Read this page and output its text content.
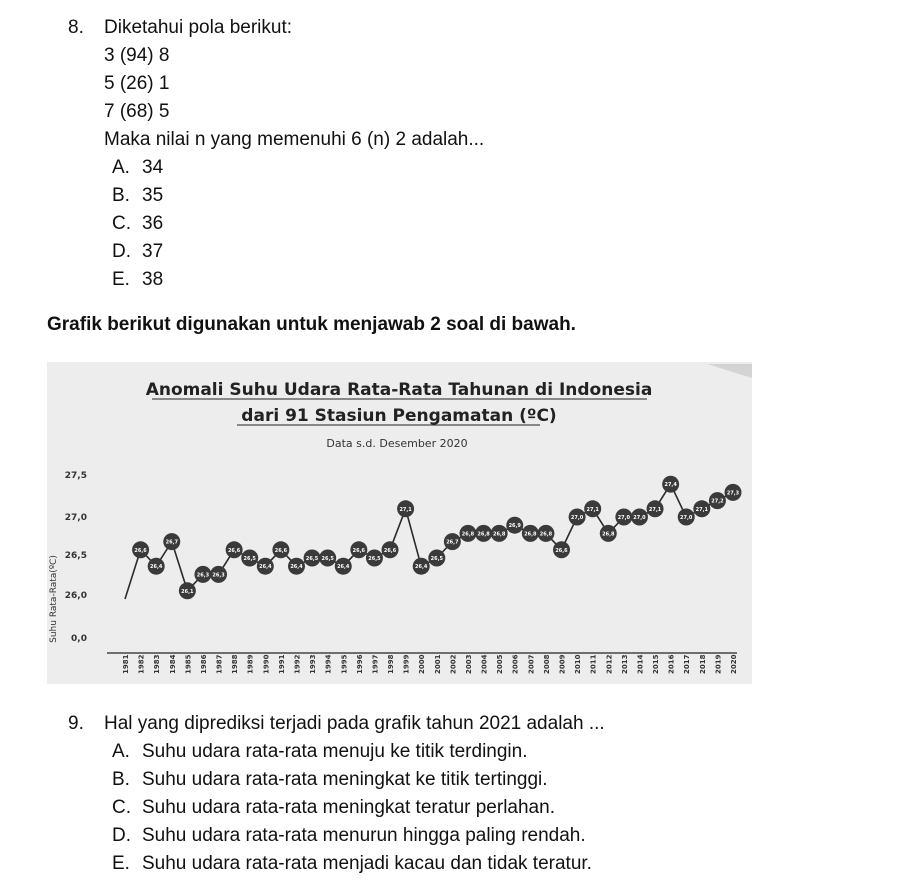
8. Diketahui pola berikut:
3 (94) 8
5 (26) 1
7 (68) 5
Maka nilai n yang memenuhi 6 (n) 2 adalah...
A. 34
B. 35
C. 36
D. 37
E. 38
Grafik berikut digunakan untuk menjawab 2 soal di bawah.
Anomali Suhu Udara Rata-Rata Tahunan di Indonesia
dari 91 Stasiun Pengamatan (ºC)
Data s.d. Desember 2020
Suhu Rata-Rata(ºC)
27,5
27,0
26,5
26,0
0,0
26,6
26,4
26,7
26,1
26,3 26,3
26,6
26,5
26,4
26,6
26,4
26,5 26,5
26,4
26,6
26,5
26,6
27,1
26,4
26,5
26,7
26,8 26,8 26,8
26,9
26,8 26,8
26,6
27,0
27,1
26,8
27,0 27,0
27,1
27,4
27,0
27,1
27,2
27,3
1981 1982 1983 1984 1985 1986 1987 1988 1989 1990 1991 1992 1993 1994 1995 1996 1997 1998 1999 2000 2001 2002 2003 2004 2005 2006 2007 2008 2009 2010 2011 2012 2013 2014 2015 2016 2017 2018 2019 2020
9. Hal yang diprediksi terjadi pada grafik tahun 2021 adalah ...
A. Suhu udara rata-rata menuju ke titik terdingin.
B. Suhu udara rata-rata meningkat ke titik tertinggi.
C. Suhu udara rata-rata meningkat teratur perlahan.
D. Suhu udara rata-rata menurun hingga paling rendah.
E. Suhu udara rata-rata menjadi kacau dan tidak teratur.
